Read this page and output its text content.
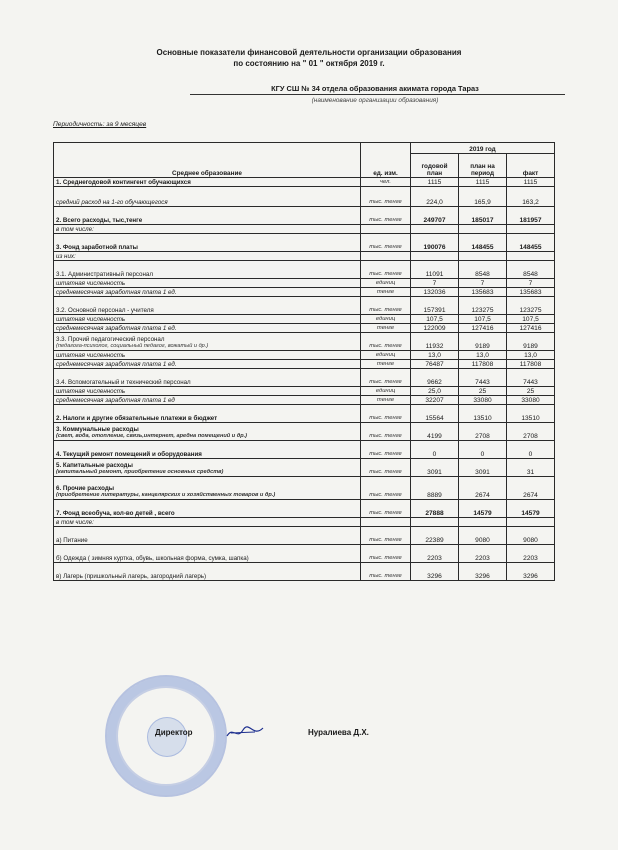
Основные показатели финансовой деятельности организации образования
по состоянию на " 01 " октября 2019 г.
КГУ СШ № 34 отдела образования акимата города Тараз
(наименование организации образования)
Периодичность: за 9 месяцев
Среднее образование	ед. изм.	2019 год		
		годовой план	план на период	факт

1. Среднегодовой контингент обучающихся	чел.	1115	1115	1115

средний расход на 1-го обучающегося	тыс. тенге	224,0	165,9	163,2

2. Всего расходы, тыс,тенге	тыс. тенге	249707	185017	181957

в том числе:				

3. Фонд заработной платы	тыс. тенге	190076	148455	148455

из них:				

3.1. Административный персонал	тыс. тенге	11091	8548	8548

штатная численность	единиц	7	7	7

среднемесячная заработная плата 1 ед.	тенге	132036	135683	135683

3.2. Основной персонал - учителя	тыс. тенге	157391	123275	123275

штатная численность	единиц	107,5	107,5	107,5

среднемесячная заработная плата 1 ед.	тенге	122009	127416	127416

3.3. Прочий педагогический персонал
(педагога-психолог, социальный педагог, вожатый и др.)	тыс. тенге	11932	9189	9189

штатная численность	единиц	13,0	13,0	13,0

среднемесячная заработная плата 1 ед.	тенге	76487	117808	117808

3.4. Вспомогательный и технический персонал	тыс. тенге	9662	7443	7443

штатная численность	единиц	25,0	25	25

среднемесячная заработная плата 1 ед	тенге	32207	33080	33080

2. Налоги и другие обязательные платежи в бюджет	тыс. тенге	15564	13510	13510

3. Коммунальные расходы
(свет, вода, отопление, связь,интернет, аредна помещений и др.)	тыс. тенге	4199	2708	2708

4. Текущий ремонт помещений и оборудования	тыс. тенге	0	0	0

5. Капитальные расходы
(капитальный ремонт, приобретение основных средств)	тыс. тенге	3091	3091	31

6. Прочие расходы
(приобретение литературы, канцелярских и хозяйственных товаров и др.)	тыс. тенге	8889	2674	2674

7. Фонд всеобуча, кол-во детей , всего	тыс. тенге	27888	14579	14579

в том числе:				

а) Питание	тыс. тенге	22389	9080	9080

б) Одежда ( зимняя куртка, обувь, школьная форма, сумка, шапка)	тыс. тенге	2203	2203	2203

в) Лагерь (пришкольный лагерь, загородний лагерь)	тыс. тенге	3296	3296	3296
Директор	Нуралиева Д.Х.
